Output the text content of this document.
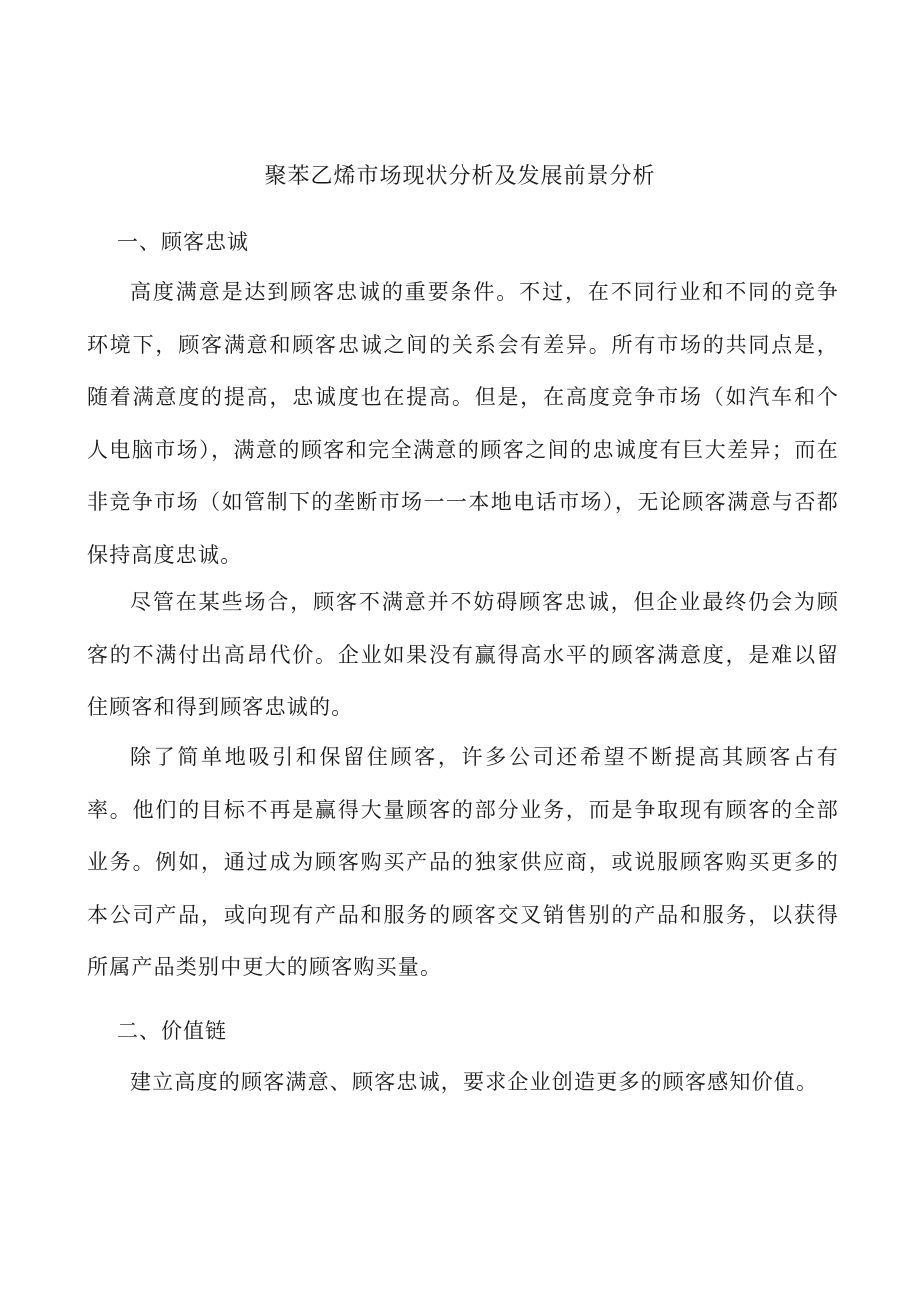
聚苯乙烯市场现状分析及发展前景分析
一、顾客忠诚

高度满意是达到顾客忠诚的重要条件。不过，在不同行业和不同的竞争环境下，顾客满意和顾客忠诚之间的关系会有差异。所有市场的共同点是，随着满意度的提高，忠诚度也在提高。但是，在高度竞争市场（如汽车和个人电脑市场），满意的顾客和完全满意的顾客之间的忠诚度有巨大差异；而在非竞争市场（如管制下的垄断市场一一本地电话市场），无论顾客满意与否都保持高度忠诚。

尽管在某些场合，顾客不满意并不妨碍顾客忠诚，但企业最终仍会为顾客的不满付出高昂代价。企业如果没有赢得高水平的顾客满意度，是难以留住顾客和得到顾客忠诚的。

除了简单地吸引和保留住顾客，许多公司还希望不断提高其顾客占有率。他们的目标不再是赢得大量顾客的部分业务，而是争取现有顾客的全部业务。例如，通过成为顾客购买产品的独家供应商，或说服顾客购买更多的本公司产品，或向现有产品和服务的顾客交叉销售别的产品和服务，以获得所属产品类别中更大的顾客购买量。

二、价值链

建立高度的顾客满意、顾客忠诚，要求企业创造更多的顾客感知价值。
